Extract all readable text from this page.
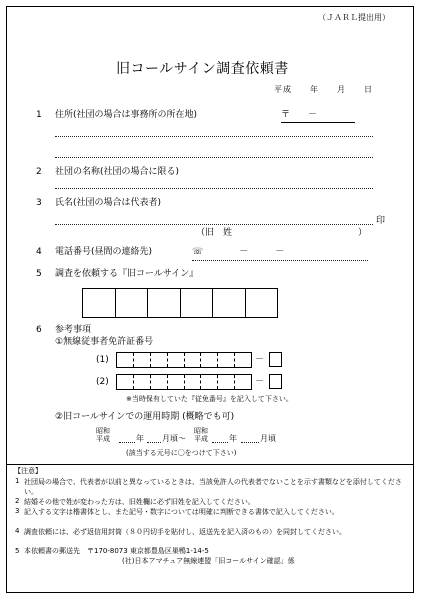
（ＪＡＲＬ提出用）
旧コールサイン調査依頼書
平成　　年　　月　　日
1 住所(社団の場合は事務所の所在地)	〒　　－
2 社団の名称(社団の場合に限る)
3 氏名(社団の場合は代表者)
印
（旧　姓　　　　　　　　　　　　　　）
4 電話番号(昼間の連絡先)	☏　　　　－　　　－
5 調査を依頼する『旧コールサイン』
6 参考事項
①無線従事者免許証番号
(1)	－
(2)	－
※当時保有していた『従免番号』を記入して下さい。
②旧コールサインでの運用時期 (概略でも可)
昭和
平成	年 月頃～
昭和
平成	年	月頃
(該当する元号に〇をつけて下さい)
【注意】
1 社団局の場合で、代表者が以前と異なっているときは、当該免許人の代表者でないことを示す書類などを添付してください。
2 結婚その他で姓が変わった方は、旧姓欄に必ず旧姓を記入してください。
3 記入する文字は楷書体とし、また記号・数字については明確に判断できる書体で記入してください。
4 調査依頼には、必ず返信用封筒（８０円切手を貼付し、返送先を記入済のもの）を同封してください。
5 本依頼書の郵送先　〒170-8073 東京都豊島区巣鴨1-14-5
(社)日本アマチュア無線連盟「旧コールサイン確認」係
